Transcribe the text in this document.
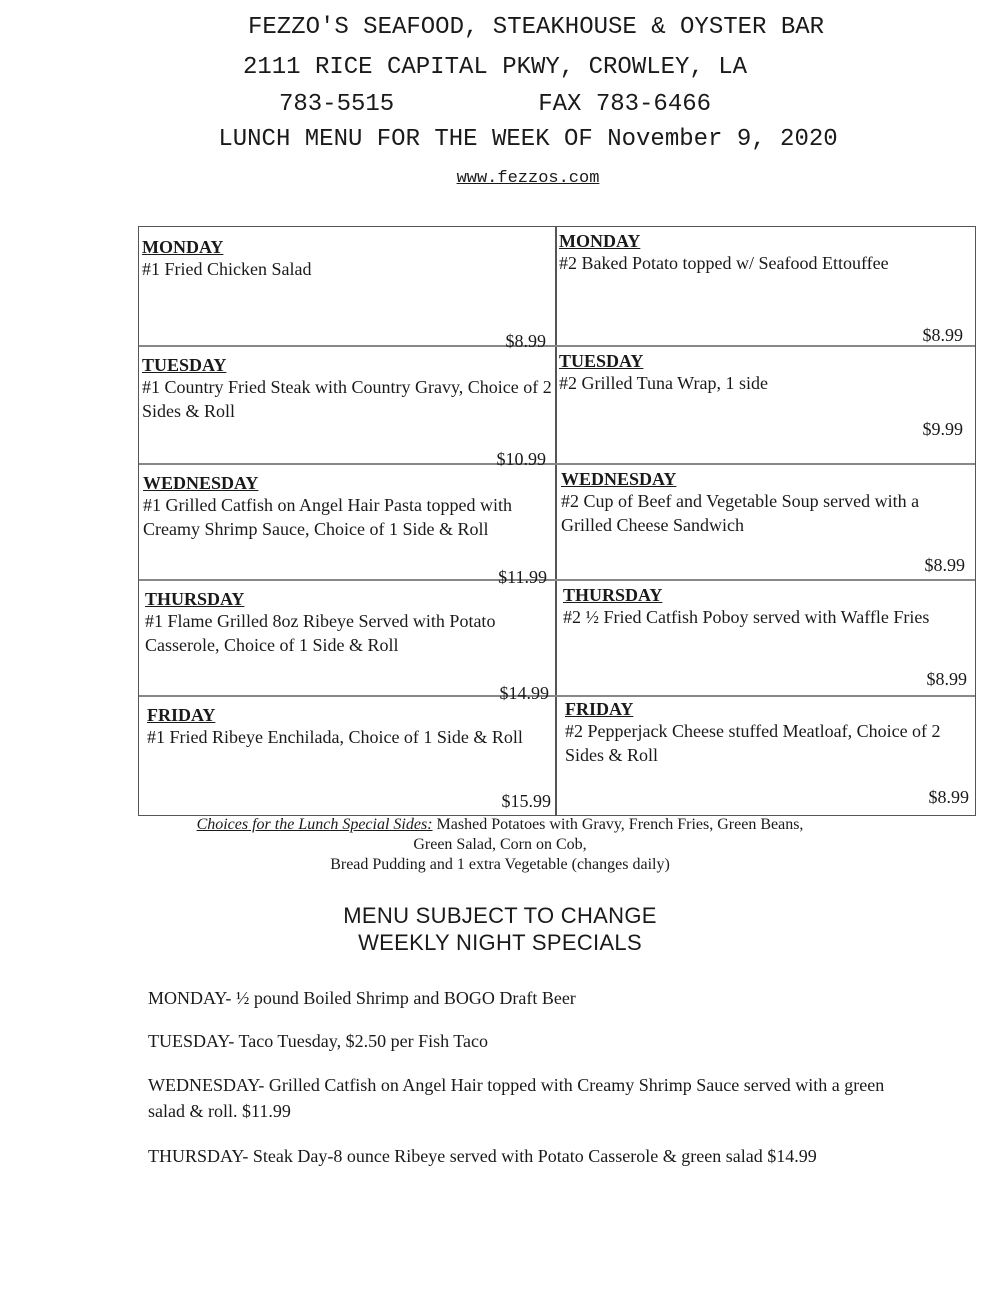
FEZZO'S SEAFOOD, STEAKHOUSE & OYSTER BAR
2111 RICE CAPITAL PKWY, CROWLEY, LA
783-5515	FAX 783-6466
LUNCH MENU FOR THE WEEK OF November 9, 2020
www.fezzos.com
MONDAY
#1 Fried Chicken Salad
$8.99
MONDAY
#2 Baked Potato topped w/ Seafood Ettouffee
$8.99
TUESDAY
#1 Country Fried Steak with Country Gravy, Choice of 2 Sides & Roll
$10.99
TUESDAY
#2 Grilled Tuna Wrap, 1 side
$9.99
WEDNESDAY
#1 Grilled Catfish on Angel Hair Pasta topped with Creamy Shrimp Sauce, Choice of 1 Side & Roll
$11.99
WEDNESDAY
#2 Cup of Beef and Vegetable Soup served with a Grilled Cheese Sandwich
$8.99
THURSDAY
#1 Flame Grilled 8oz Ribeye Served with Potato Casserole, Choice of 1 Side & Roll
$14.99
THURSDAY
#2 ½ Fried Catfish Poboy served with Waffle Fries
$8.99
FRIDAY
#1 Fried Ribeye Enchilada, Choice of 1 Side & Roll
$15.99
FRIDAY
#2 Pepperjack Cheese stuffed Meatloaf, Choice of 2 Sides & Roll
$8.99
Choices for the Lunch Special Sides: Mashed Potatoes with Gravy, French Fries, Green Beans,
Green Salad, Corn on Cob,
Bread Pudding and 1 extra Vegetable (changes daily)
MENU SUBJECT TO CHANGE
WEEKLY NIGHT SPECIALS
MONDAY- ½ pound Boiled Shrimp and BOGO Draft Beer
TUESDAY- Taco Tuesday, $2.50 per Fish Taco
WEDNESDAY- Grilled Catfish on Angel Hair topped with Creamy Shrimp Sauce served with a green salad & roll. $11.99
THURSDAY- Steak Day-8 ounce Ribeye served with Potato Casserole & green salad $14.99
